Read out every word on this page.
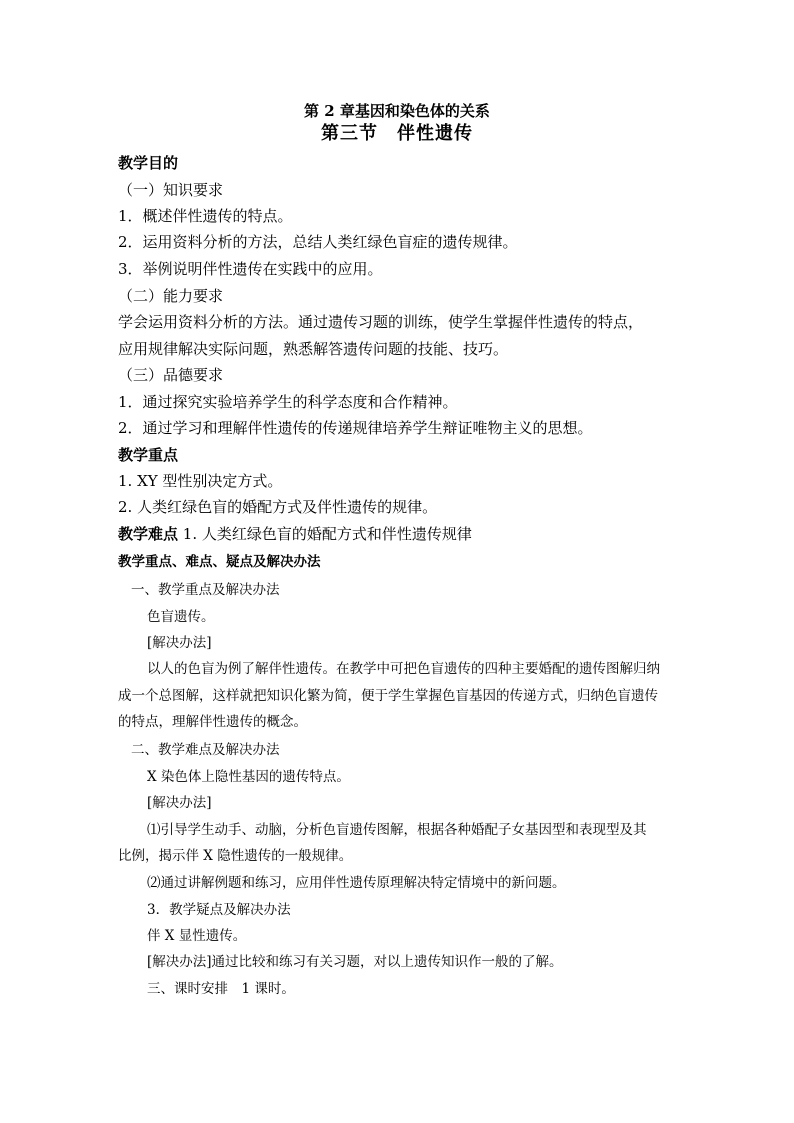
第 2 章基因和染色体的关系
第三节　伴性遗传
教学目的
（一）知识要求
1．概述伴性遗传的特点。
2．运用资料分析的方法，总结人类红绿色盲症的遗传规律。
3．举例说明伴性遗传在实践中的应用。
（二）能力要求
学会运用资料分析的方法。通过遗传习题的训练，使学生掌握伴性遗传的特点，
应用规律解决实际问题，熟悉解答遗传问题的技能、技巧。
（三）品德要求
1．通过探究实验培养学生的科学态度和合作精神。
2．通过学习和理解伴性遗传的传递规律培养学生辩证唯物主义的思想。
教学重点
1. XY 型性别决定方式。
2. 人类红绿色盲的婚配方式及伴性遗传的规律。
教学难点 1. 人类红绿色盲的婚配方式和伴性遗传规律
教学重点、难点、疑点及解决办法
一、教学重点及解决办法
色盲遗传。
[解决办法]
以人的色盲为例了解伴性遗传。在教学中可把色盲遗传的四种主要婚配的遗传图解归纳
成一个总图解，这样就把知识化繁为简，便于学生掌握色盲基因的传递方式，归纳色盲遗传
的特点，理解伴性遗传的概念。
二、教学难点及解决办法
X 染色体上隐性基因的遗传特点。
[解决办法]
⑴引导学生动手、动脑，分析色盲遗传图解，根据各种婚配子女基因型和表现型及其
比例，揭示伴 X 隐性遗传的一般规律。
⑵通过讲解例题和练习，应用伴性遗传原理解决特定情境中的新问题。
3．教学疑点及解决办法
伴 X 显性遗传。
[解决办法]通过比较和练习有关习题，对以上遗传知识作一般的了解。
三、课时安排　1 课时。
